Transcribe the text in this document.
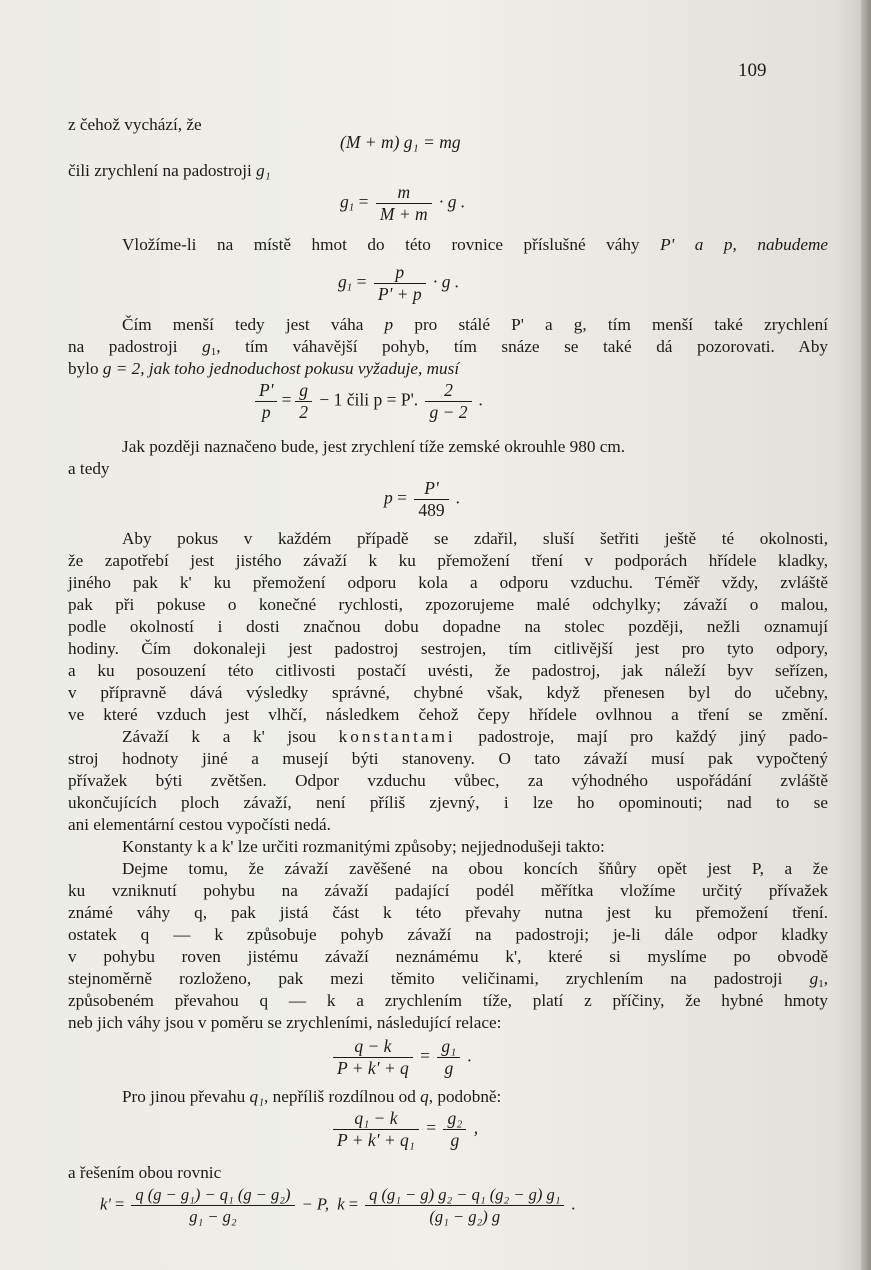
109
z čehož vychází, že
(M + m) g₁ = mg
čili zrychlení na padostroji g₁
$g_1 = \frac{m}{M + m} \cdot g$ .
Vložíme-li na místě hmot do této rovnice příslušné váhy P' a p, nabudeme
$g_1 = \frac{p}{P' + p} \cdot g$ .
Čím menší tedy jest váha p pro stálé P' a g, tím menší také zrychlení
na padostroji $g_1$, tím váhavější pohyb, tím snáze se také dá pozorovati. Aby
bylo g = 2, jak toho jednoduchost pokusu vyžaduje, musí
$\frac{P'}{p} = \frac{g}{2} - 1$ čili p = P'. $\frac{2}{g - 2}$ .
Jak později naznačeno bude, jest zrychlení tíže zemské okrouhle 980 cm.
a tedy
$p = \frac{P'}{489}$ .
Aby pokus v každém případě se zdařil, sluší šetřiti ještě té okolnosti,
že zapotřebí jest jistého závaží k ku přemožení tření v podporách hřídele kladky,
jiného pak k' ku přemožení odporu kola a odporu vzduchu. Téměř vždy, zvláště
pak při pokuse o konečné rychlosti, zpozorujeme malé odchylky; závaží o malou,
podle okolností i dosti značnou dobu dopadne na stolec později, nežli oznamují
hodiny. Čím dokonaleji jest padostroj sestrojen, tím citlivější jest pro tyto odpory,
a ku posouzení této citlivosti postačí uvésti, že padostroj, jak náleží byv seřízen,
v přípravně dává výsledky správné, chybné však, když přenesen byl do učebny,
ve které vzduch jest vlhčí, následkem čehož čepy hřídele ovlhnou a tření se změní.
Závaží k a k' jsou konstantami padostroje, mají pro každý jiný pado-
stroj hodnoty jiné a musejí býti stanoveny. O tato závaží musí pak vypočtený
přívažek býti zvětšen. Odpor vzduchu vůbec, za výhodného uspořádání zvláště
ukončujících ploch závaží, není příliš zjevný, i lze ho opominouti; nad to se
ani elementární cestou vypočísti nedá.
Konstanty k a k' lze určiti rozmanitými způsoby; nejjednodušeji takto:
Dejme tomu, že závaží zavěšené na obou koncích šňůry opět jest P, a že
ku vzniknutí pohybu na závaží padající podél měřítka vložíme určitý přívažek
známé váhy q, pak jistá část k této převahy nutna jest ku přemožení tření.
ostatek q — k způsobuje pohyb závaží na padostroji; je-li dále odpor kladky
v pohybu roven jistému závaží neznámému k', které si myslíme po obvodě
stejnoměrně rozloženo, pak mezi těmito veličinami, zrychlením na padostroji $g_1$,
způsobeném převahou q — k a zrychlením tíže, platí z příčiny, že hybné hmoty
neb jich váhy jsou v poměru se zrychleními, následující relace:
$\frac{q - k}{P + k' + q} = \frac{\text{g₁}}{g}$ .
Pro jinou převahu q₁, nepříliš rozdílnou od q, podobně:
$\frac{\text{q₁ − k}}{\text{P + k' + q₁}} = \frac{\text{g₂}}{g}$ ,
a řešením obou rovnic
$k' = \frac{\text{q (g − g₁) − q₁ (g − g₂)}}{\text{g₁ − g₂}} - P$,  $k = \frac{\text{q (g₁ − g) g₂ − q₁ (g₂ − g) g₁}}{\text{(g₁ − g₂) g}}$ .
